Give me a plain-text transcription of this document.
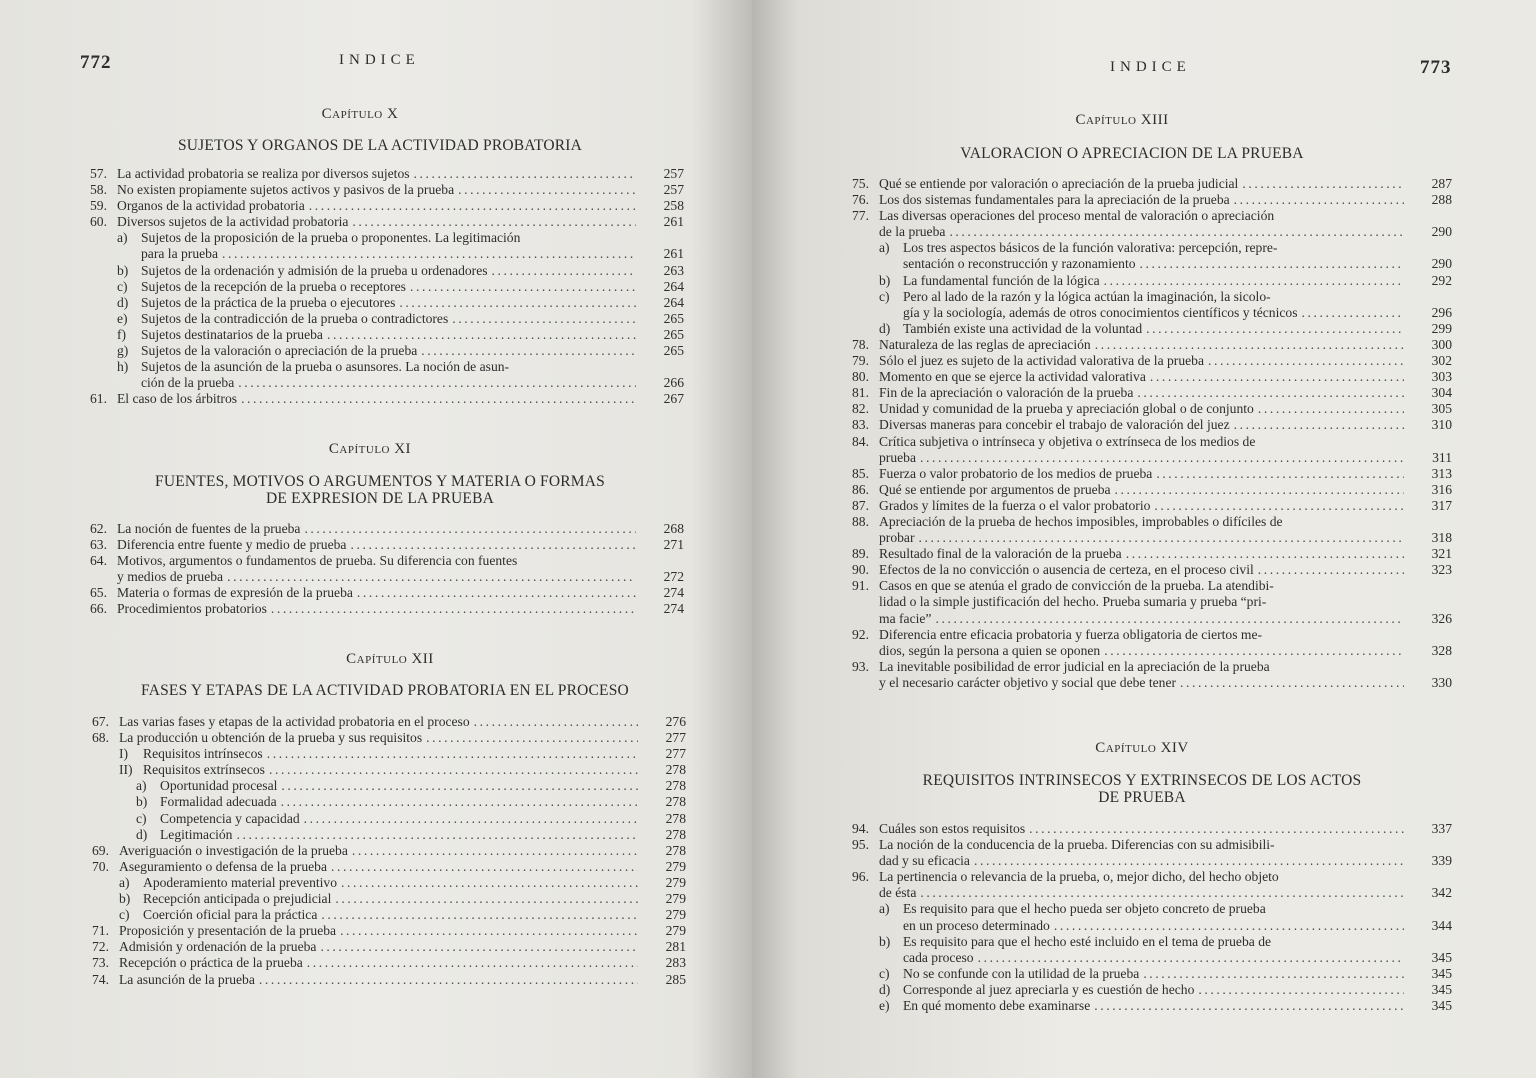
772	INDICE
Capítulo X
SUJETOS Y ORGANOS DE LA ACTIVIDAD PROBATORIA
57. La actividad probatoria se realiza por diversos sujetos .....	257
58. No existen propiamente sujetos activos y pasivos de la prueba .....	257
59. Organos de la actividad probatoria .....	258
60. Diversos sujetos de la actividad probatoria .....	261
a) Sujetos de la proposición de la prueba o proponentes. La legitimación
para la prueba .....	261
b) Sujetos de la ordenación y admisión de la prueba u ordenadores .....	263
c) Sujetos de la recepción de la prueba o receptores .....	264
d) Sujetos de la práctica de la prueba o ejecutores .....	264
e) Sujetos de la contradicción de la prueba o contradictores .....	265
f)	Sujetos destinatarios de la prueba .....	265
g) Sujetos de la valoración o apreciación de la prueba .....	265
h) Sujetos de la asunción de la prueba o asunsores. La noción de asun-
ción de la prueba .....	266
61. El caso de los árbitros .....	267
Capítulo XI
FUENTES, MOTIVOS O ARGUMENTOS Y MATERIA O FORMAS
DE EXPRESION DE LA PRUEBA
62. La noción de fuentes de la prueba .....	268
63. Diferencia entre fuente y medio de prueba .....	271
64. Motivos, argumentos o fundamentos de prueba. Su diferencia con fuentes
y medios de prueba .....	272
65. Materia o formas de expresión de la prueba .....	274
66. Procedimientos probatorios .....	274
Capítulo XII
FASES Y ETAPAS DE LA ACTIVIDAD PROBATORIA EN EL PROCESO
67. Las varias fases y etapas de la actividad probatoria en el proceso .....	276
68. La producción u obtención de la prueba y sus requisitos .....	277
I)	Requisitos intrínsecos .....	277
II) Requisitos extrínsecos .....	278
a) Oportunidad procesal .....	278
b) Formalidad adecuada .....	278
c) Competencia y capacidad .....	278
d) Legitimación .....	278
69. Averiguación o investigación de la prueba .....	278
70. Aseguramiento o defensa de la prueba .....	279
a) Apoderamiento material preventivo .....	279
b) Recepción anticipada o prejudicial .....	279
c) Coerción oficial para la práctica .....	279
71. Proposición y presentación de la prueba .....	279
72. Admisión y ordenación de la prueba .....	281
73. Recepción o práctica de la prueba .....	283
74. La asunción de la prueba .....	285
INDICE	773
Capítulo XIII
VALORACION O APRECIACION DE LA PRUEBA
75. Qué se entiende por valoración o apreciación de la prueba judicial .....	287
76. Los dos sistemas fundamentales para la apreciación de la prueba .....	288
77. Las diversas operaciones del proceso mental de valoración o apreciación
de la prueba .....	290
a) Los tres aspectos básicos de la función valorativa: percepción, repre-
sentación o reconstrucción y razonamiento .....	290
b) La fundamental función de la lógica .....	292
c) Pero al lado de la razón y la lógica actúan la imaginación, la sicolo-
gía y la sociología, además de otros conocimientos científicos y técnicos .....	296
d) También existe una actividad de la voluntad .....	299
78. Naturaleza de las reglas de apreciación .....	300
79. Sólo el juez es sujeto de la actividad valorativa de la prueba .....	302
80. Momento en que se ejerce la actividad valorativa .....	303
81. Fin de la apreciación o valoración de la prueba .....	304
82. Unidad y comunidad de la prueba y apreciación global o de conjunto .....	305
83. Diversas maneras para concebir el trabajo de valoración del juez .....	310
84. Crítica subjetiva o intrínseca y objetiva o extrínseca de los medios de
prueba .....	311
85. Fuerza o valor probatorio de los medios de prueba .....	313
86. Qué se entiende por argumentos de prueba .....	316
87. Grados y límites de la fuerza o el valor probatorio .....	317
88. Apreciación de la prueba de hechos imposibles, improbables o difíciles de
probar .....	318
89. Resultado final de la valoración de la prueba .....	321
90. Efectos de la no convicción o ausencia de certeza, en el proceso civil .....	323
91. Casos en que se atenúa el grado de convicción de la prueba. La atendibi-
lidad o la simple justificación del hecho. Prueba sumaria y prueba “pri-
ma facie” .....	326
92. Diferencia entre eficacia probatoria y fuerza obligatoria de ciertos me-
dios, según la persona a quien se oponen .....	328
93. La inevitable posibilidad de error judicial en la apreciación de la prueba
y el necesario carácter objetivo y social que debe tener .....	330
Capítulo XIV
REQUISITOS INTRINSECOS Y EXTRINSECOS DE LOS ACTOS
DE PRUEBA
94. Cuáles son estos requisitos .....	337
95. La noción de la conducencia de la prueba. Diferencias con su admisibili-
dad y su eficacia .....	339
96. La pertinencia o relevancia de la prueba, o, mejor dicho, del hecho objeto
de ésta .....	342
a) Es requisito para que el hecho pueda ser objeto concreto de prueba
en un proceso determinado .....	344
b) Es requisito para que el hecho esté incluido en el tema de prueba de
cada proceso .....	345
c) No se confunde con la utilidad de la prueba .....	345
d) Corresponde al juez apreciarla y es cuestión de hecho .....	345
e) En qué momento debe examinarse .....	345
